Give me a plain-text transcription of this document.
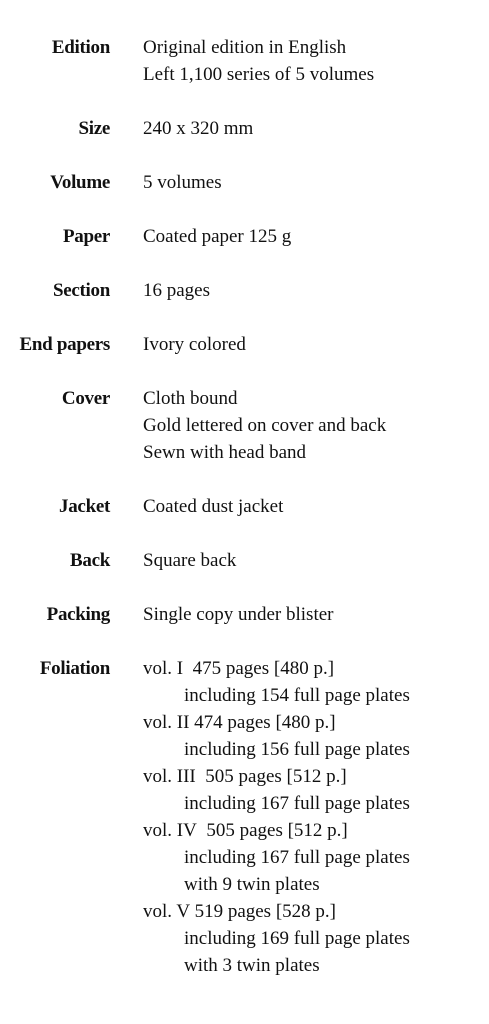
Edition Original edition in English
Left 1,100 series of 5 volumes
Size 240 x 320 mm
Volume 5 volumes
Paper Coated paper 125 g
Section 16 pages
End papers Ivory colored
Cover Cloth bound
Gold lettered on cover and back
Sewn with head band
Jacket Coated dust jacket
Back Square back
Packing Single copy under blister
Foliation vol. I  475 pages [480 p.]
including 154 full page plates
vol. II 474 pages [480 p.]
including 156 full page plates
vol. III  505 pages [512 p.]
including 167 full page plates
vol. IV  505 pages [512 p.]
including 167 full page plates
with 9 twin plates
vol. V 519 pages [528 p.]
including 169 full page plates
with 3 twin plates
